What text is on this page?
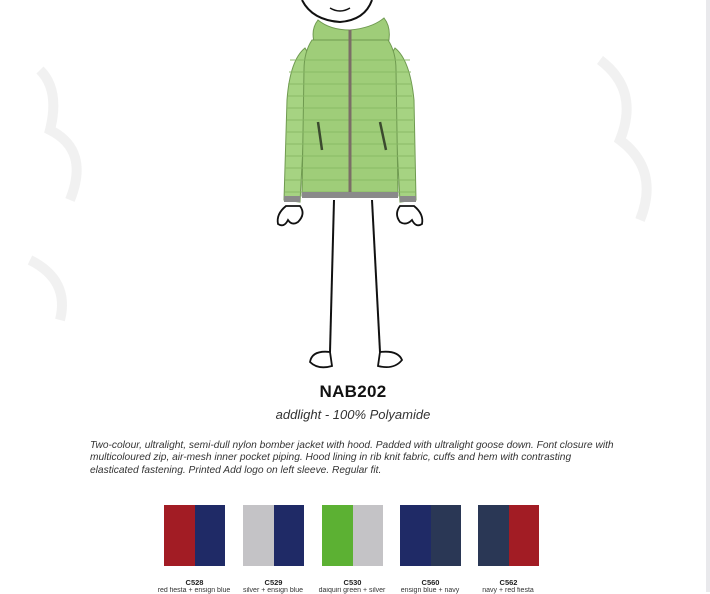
NAB202
addlight - 100% Polyamide
Two-colour, ultralight, semi-dull nylon bomber jacket with hood. Padded with ultralight goose down. Font closure with multicoloured zip, air-mesh inner pocket piping. Hood lining in rib knit fabric, cuffs and hem with contrasting elasticated fastening. Printed Add logo on left sleeve. Regular fit.
C528	C529	C530	C560	C562
red fiesta + ensign blue	silver + ensign blue	daiquiri green + silver	ensign blue + navy	navy + red fiesta
